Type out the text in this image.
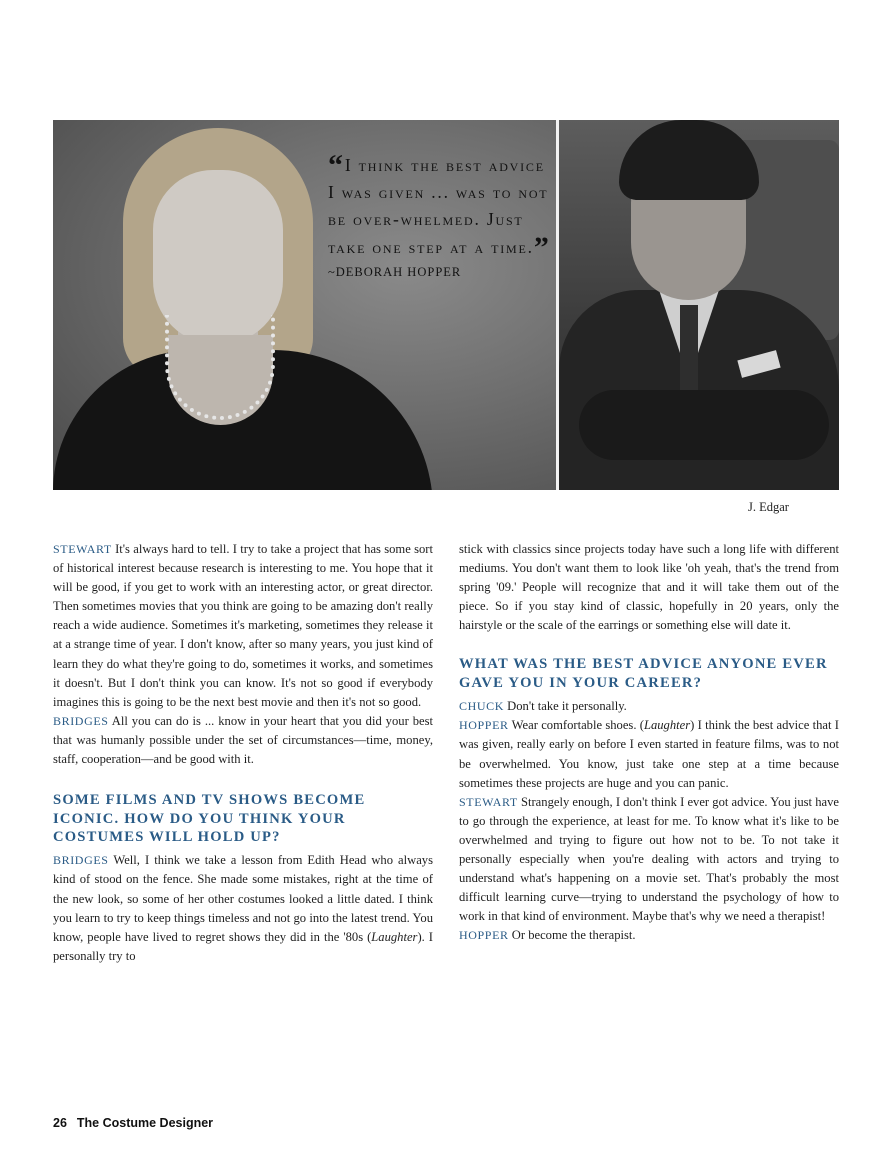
“I think the best advice I was given ... was to not be over-whelmed. Just take one step at a time.”
~DEBORAH HOPPER
J. Edgar

STEWART It's always hard to tell. I try to take a project that has some sort of historical interest because research is interesting to me. You hope that it will be good, if you get to work with an interesting actor, or great director. Then sometimes movies that you think are going to be amazing don't really reach a wide audience. Sometimes it's marketing, sometimes they release it at a strange time of year. I don't know, after so many years, you just kind of learn they do what they're going to do, sometimes it works, and sometimes it doesn't. But I don't think you can know. It's not so good if everybody imagines this is going to be the next best movie and then it's not so good.

BRIDGES All you can do is ... know in your heart that you did your best that was humanly possible under the set of circumstances—time, money, staff, cooperation—and be good with it.

SOME FILMS AND TV SHOWS BECOME ICONIC. HOW DO YOU THINK YOUR COSTUMES WILL HOLD UP?

BRIDGES Well, I think we take a lesson from Edith Head who always kind of stood on the fence. She made some mistakes, right at the time of the new look, so some of her other costumes looked a little dated. I think you learn to try to keep things timeless and not go into the latest trend. You know, people have lived to regret shows they did in the '80s (Laughter). I personally try to

stick with classics since projects today have such a long life with different mediums. You don't want them to look like 'oh yeah, that's the trend from spring '09.' People will recognize that and it will take them out of the piece. So if you stay kind of classic, hopefully in 20 years, only the hairstyle or the scale of the earrings or something else will date it.

WHAT WAS THE BEST ADVICE ANYONE EVER GAVE YOU IN YOUR CAREER?

CHUCK Don't take it personally.

HOPPER Wear comfortable shoes. (Laughter) I think the best advice that I was given, really early on before I even started in feature films, was to not be overwhelmed. You know, just take one step at a time because sometimes these projects are huge and you can panic.

STEWART Strangely enough, I don't think I ever got advice. You just have to go through the experience, at least for me. To know what it's like to be overwhelmed and trying to figure out how not to be. To not take it personally especially when you're dealing with actors and trying to understand what's happening on a movie set. That's probably the most difficult learning curve—trying to understand the psychology of how to work in that kind of environment. Maybe that's why we need a therapist!

HOPPER Or become the therapist.

26 The Costume Designer
